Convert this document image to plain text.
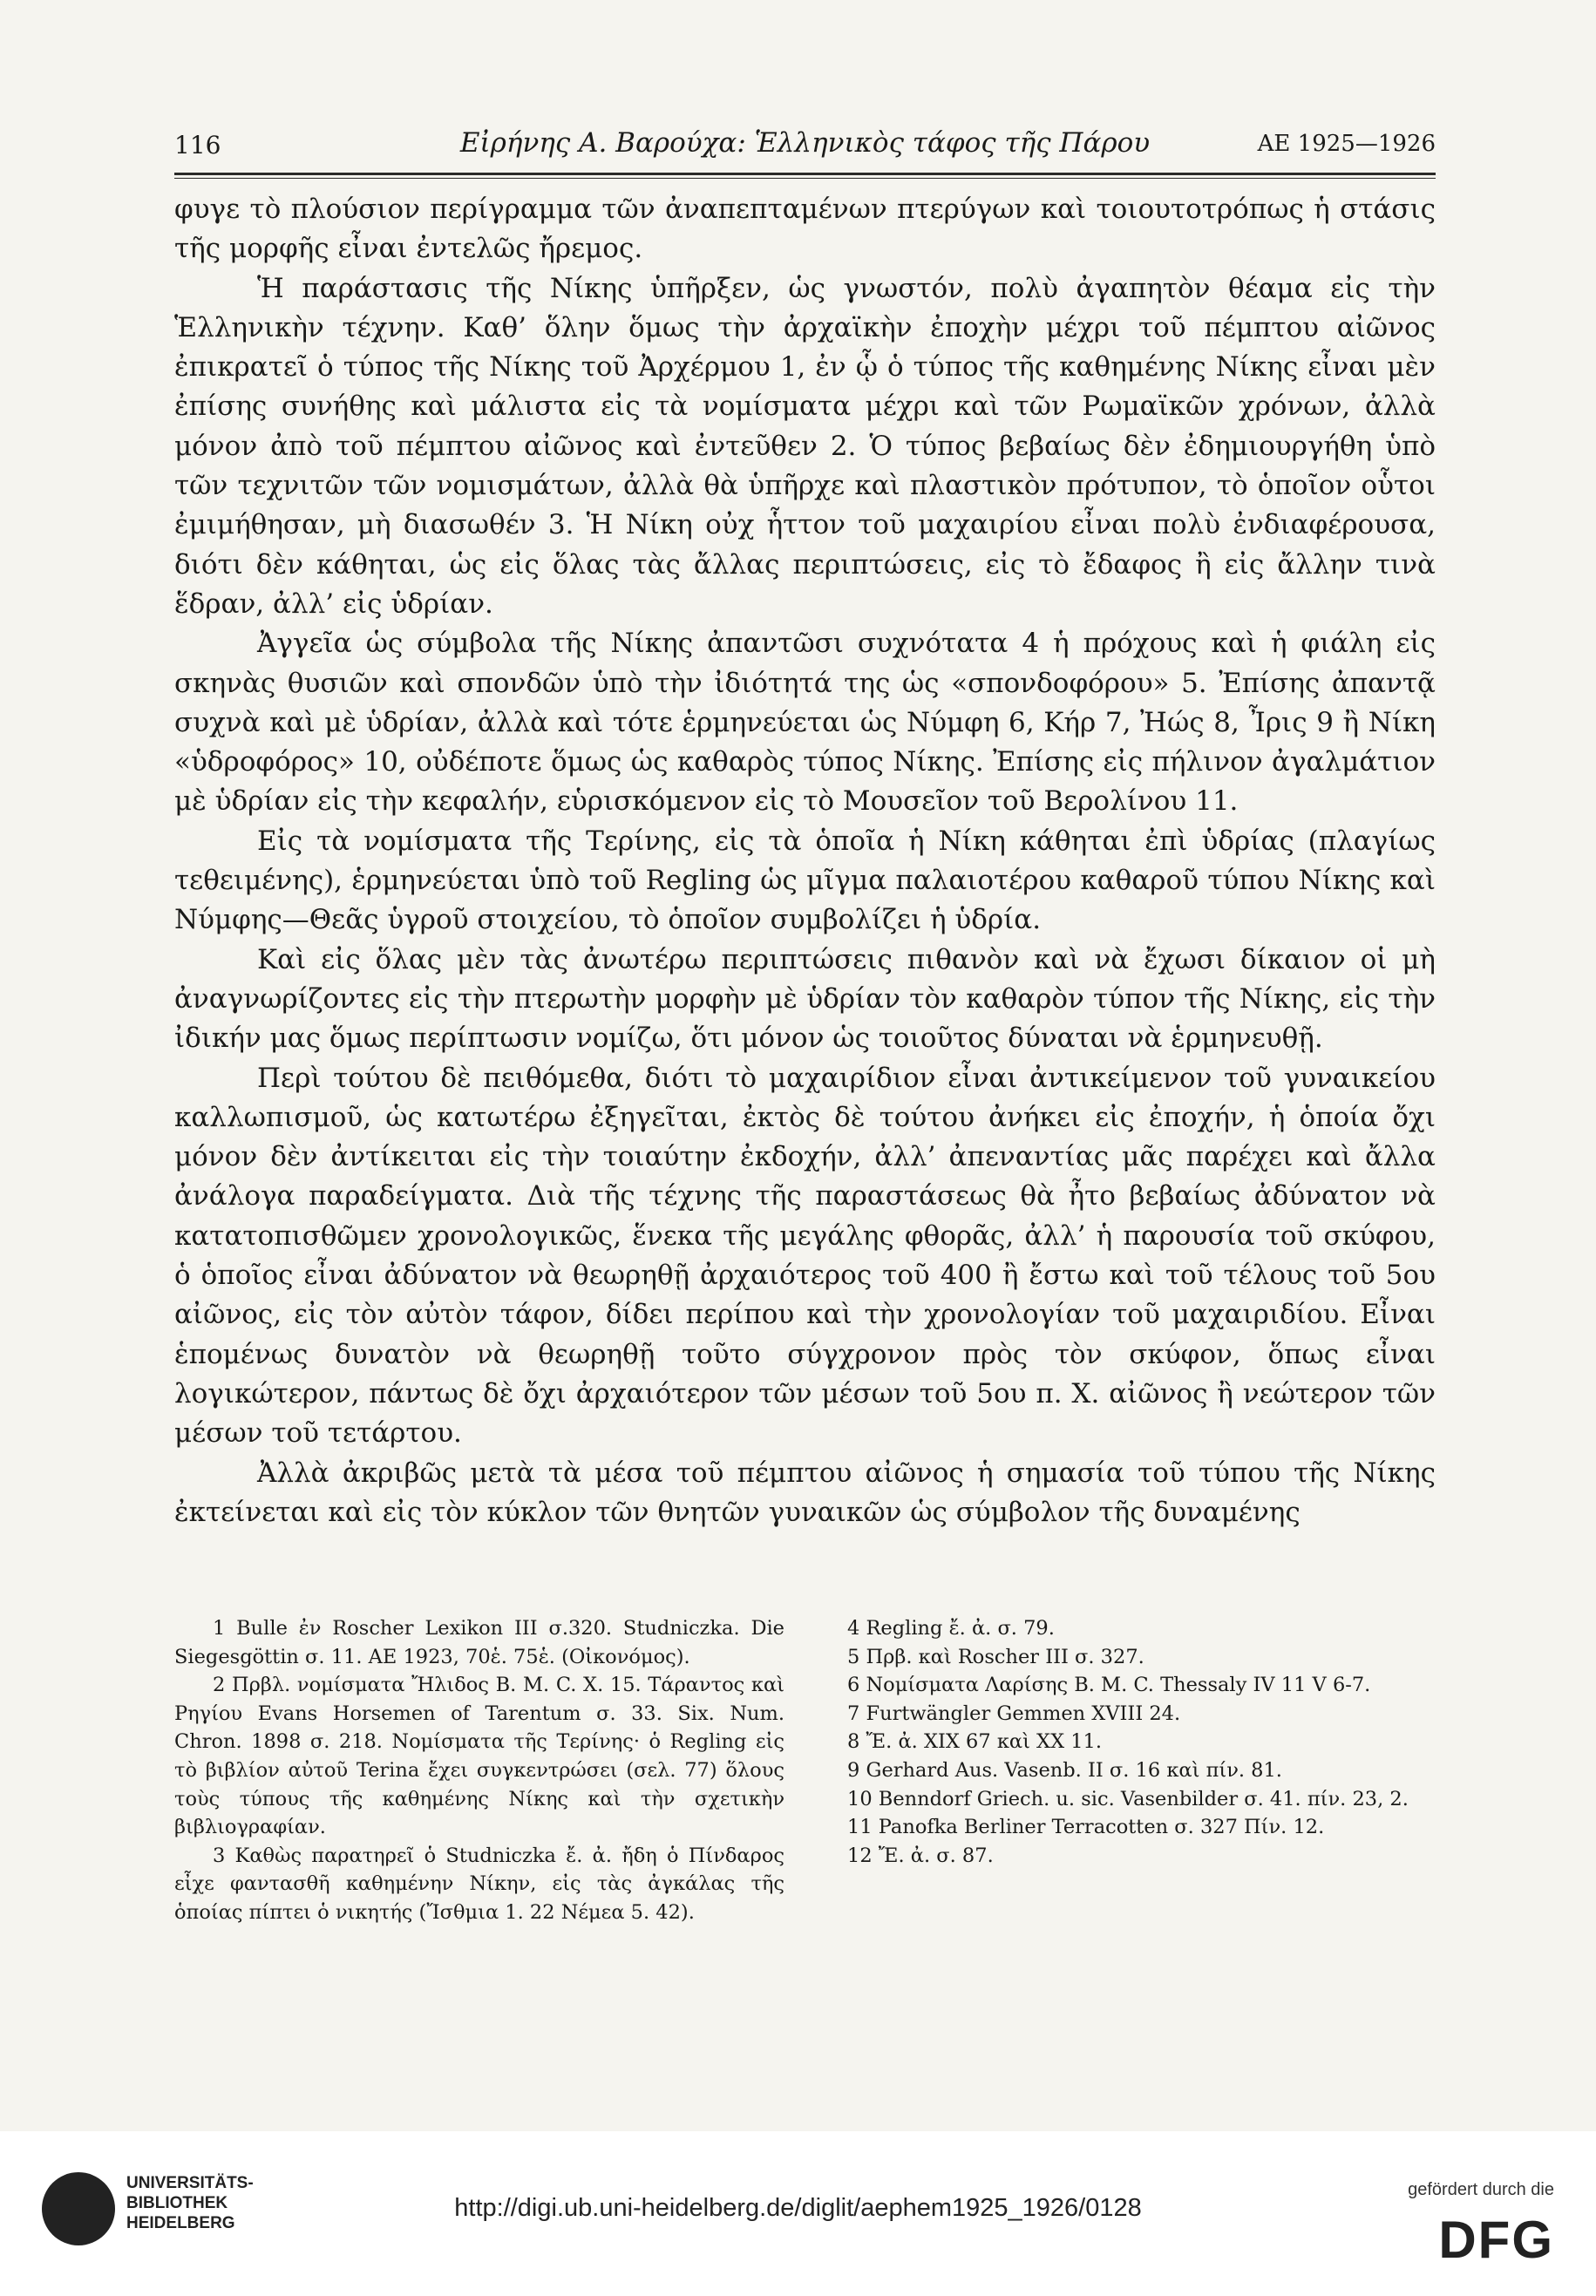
116	Εἰρήνης Α. Βαρούχα: Ἑλληνικὸς τάφος τῆς Πάρου	ΑΕ 1925—1926

φυγε τὸ πλούσιον περίγραμμα τῶν ἀναπεπταμένων πτερύγων καὶ τοιουτοτρόπως ἡ στάσις τῆς μορφῆς εἶναι ἐντελῶς ἤρεμος.

Ἡ παράστασις τῆς Νίκης ὑπῆρξεν, ὡς γνωστόν, πολὺ ἀγαπητὸν θέαμα εἰς τὴν Ἑλληνικὴν τέχνην. Καθ’ ὅλην ὅμως τὴν ἀρχαϊκὴν ἐποχὴν μέχρι τοῦ πέμπτου αἰῶνος ἐπικρατεῖ ὁ τύπος τῆς Νίκης τοῦ Ἀρχέρμου 1, ἐν ᾧ ὁ τύπος τῆς καθημένης Νίκης εἶναι μὲν ἐπίσης συνήθης καὶ μάλιστα εἰς τὰ νομίσματα μέχρι καὶ τῶν Ρωμαϊκῶν χρόνων, ἀλλὰ μόνον ἀπὸ τοῦ πέμπτου αἰῶνος καὶ ἐντεῦθεν 2. Ὁ τύπος βεβαίως δὲν ἐδημιουργήθη ὑπὸ τῶν τεχνιτῶν τῶν νομισμάτων, ἀλλὰ θὰ ὑπῆρχε καὶ πλαστικὸν πρότυπον, τὸ ὁποῖον οὗτοι ἐμιμήθησαν, μὴ διασωθέν 3. Ἡ Νίκη οὐχ ἧττον τοῦ μαχαιρίου εἶναι πολὺ ἐνδιαφέρουσα, διότι δὲν κάθηται, ὡς εἰς ὅλας τὰς ἄλλας περιπτώσεις, εἰς τὸ ἔδαφος ἢ εἰς ἄλλην τινὰ ἕδραν, ἀλλ’ εἰς ὑδρίαν.

Ἀγγεῖα ὡς σύμβολα τῆς Νίκης ἀπαντῶσι συχνότατα 4 ἡ πρόχους καὶ ἡ φιάλη εἰς σκηνὰς θυσιῶν καὶ σπονδῶν ὑπὸ τὴν ἰδιότητά της ὡς «σπονδοφόρου» 5. Ἐπίσης ἀπαντᾷ συχνὰ καὶ μὲ ὑδρίαν, ἀλλὰ καὶ τότε ἑρμηνεύεται ὡς Νύμφη 6, Κήρ 7, Ἠώς 8, Ἶρις 9 ἢ Νίκη «ὑδροφόρος» 10, οὐδέποτε ὅμως ὡς καθαρὸς τύπος Νίκης. Ἐπίσης εἰς πήλινον ἀγαλμάτιον μὲ ὑδρίαν εἰς τὴν κεφαλήν, εὑρισκόμενον εἰς τὸ Μουσεῖον τοῦ Βερολίνου 11.

Εἰς τὰ νομίσματα τῆς Τερίνης, εἰς τὰ ὁποῖα ἡ Νίκη κάθηται ἐπὶ ὑδρίας (πλαγίως τεθειμένης), ἑρμηνεύεται ὑπὸ τοῦ Regling ὡς μῖγμα παλαιοτέρου καθαροῦ τύπου Νίκης καὶ Νύμφης—Θεᾶς ὑγροῦ στοιχείου, τὸ ὁποῖον συμβολίζει ἡ ὑδρία.

Καὶ εἰς ὅλας μὲν τὰς ἀνωτέρω περιπτώσεις πιθανὸν καὶ νὰ ἔχωσι δίκαιον οἱ μὴ ἀναγνωρίζοντες εἰς τὴν πτερωτὴν μορφὴν μὲ ὑδρίαν τὸν καθαρὸν τύπον τῆς Νίκης, εἰς τὴν ἰδικήν μας ὅμως περίπτωσιν νομίζω, ὅτι μόνον ὡς τοιοῦτος δύναται νὰ ἑρμηνευθῇ.

Περὶ τούτου δὲ πειθόμεθα, διότι τὸ μαχαιρίδιον εἶναι ἀντικείμενον τοῦ γυναικείου καλλωπισμοῦ, ὡς κατωτέρω ἐξηγεῖται, ἐκτὸς δὲ τούτου ἀνήκει εἰς ἐποχήν, ἡ ὁποία ὄχι μόνον δὲν ἀντίκειται εἰς τὴν τοιαύτην ἐκδοχήν, ἀλλ’ ἀπεναντίας μᾶς παρέχει καὶ ἄλλα ἀνάλογα παραδείγματα. Διὰ τῆς τέχνης τῆς παραστάσεως θὰ ἦτο βεβαίως ἀδύνατον νὰ κατατοπισθῶμεν χρονολογικῶς, ἕνεκα τῆς μεγάλης φθορᾶς, ἀλλ’ ἡ παρουσία τοῦ σκύφου, ὁ ὁποῖος εἶναι ἀδύνατον νὰ θεωρηθῇ ἀρχαιότερος τοῦ 400 ἢ ἔστω καὶ τοῦ τέλους τοῦ 5ου αἰῶνος, εἰς τὸν αὐτὸν τάφον, δίδει περίπου καὶ τὴν χρονολογίαν τοῦ μαχαιριδίου. Εἶναι ἑπομένως δυνατὸν νὰ θεωρηθῇ τοῦτο σύγχρονον πρὸς τὸν σκύφον, ὅπως εἶναι λογικώτερον, πάντως δὲ ὄχι ἀρχαιότερον τῶν μέσων τοῦ 5ου π. Χ. αἰῶνος ἢ νεώτερον τῶν μέσων τοῦ τετάρτου.

Ἀλλὰ ἀκριβῶς μετὰ τὰ μέσα τοῦ πέμπτου αἰῶνος ἡ σημασία τοῦ τύπου τῆς Νίκης ἐκτείνεται καὶ εἰς τὸν κύκλον τῶν θνητῶν γυναικῶν ὡς σύμβολον τῆς δυναμένης

1 Bulle ἐν Roscher Lexikon III σ.320. Studniczka. Die Siegesgöttin σ. 11. ΑΕ 1923, 70ἑ. 75ἑ. (Οἰκονόμος).

2 Πρβλ. νομίσματα Ἤλιδος Β. Μ. C. X. 15. Τάραντος καὶ Ρηγίου Evans Horsemen of Tarentum σ. 33. Six. Num. Chron. 1898 σ. 218. Νομίσματα τῆς Τερίνης· ὁ Regling εἰς τὸ βιβλίον αὐτοῦ Terina ἔχει συγκεντρώσει (σελ. 77) ὅλους τοὺς τύπους τῆς καθημένης Νίκης καὶ τὴν σχετικὴν βιβλιογραφίαν.

3 Καθὼς παρατηρεῖ ὁ Studniczka ἔ. ἀ. ἤδη ὁ Πίνδαρος εἶχε φαντασθῆ καθημένην Νίκην, εἰς τὰς ἀγκάλας τῆς ὁποίας πίπτει ὁ νικητής (Ἴσθμια 1. 22 Νέμεα 5. 42).

4 Regling ἔ. ἀ. σ. 79.

5 Πρβ. καὶ Roscher III σ. 327.

6 Νομίσματα Λαρίσης Β. Μ. C. Thessaly IV 11 V 6-7.

7 Furtwängler Gemmen XVIII 24.

8 Ἔ. ἀ. XIX 67 καὶ XX 11.

9 Gerhard Aus. Vasenb. II σ. 16 καὶ πίν. 81.

10 Benndorf Griech. u. sic. Vasenbilder σ. 41. πίν. 23, 2.

11 Panofka Berliner Terracotten σ. 327 Πίν. 12.

12 Ἔ. ἀ. σ. 87.

UNIVERSITÄTS-
BIBLIOTHEK
HEIDELBERG
http://digi.ub.uni-heidelberg.de/diglit/aephem1925_1926/0128
gefördert durch die
DFG
